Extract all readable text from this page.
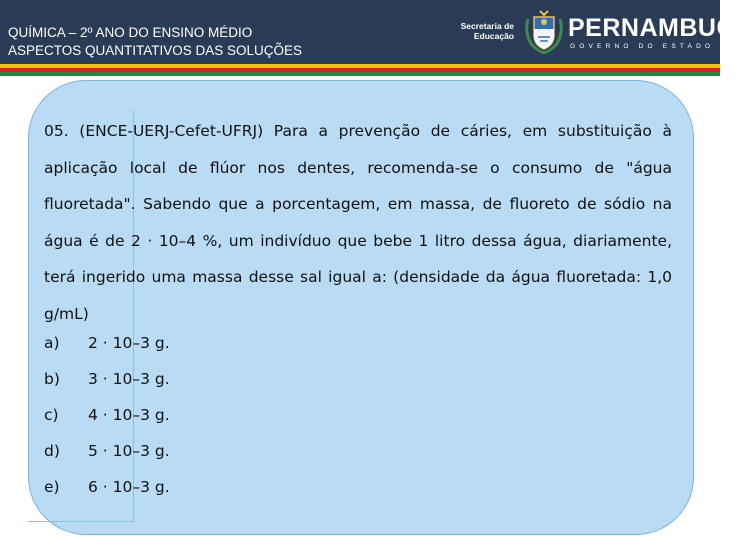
QUÍMICA – 2º ANO DO ENSINO MÉDIO
ASPECTOS QUANTITATIVOS DAS SOLUÇÕES
Secretaria de
Educação PERNAMBUCO
GOVERNO DO ESTADO
05. (ENCE-UERJ-Cefet-UFRJ) Para a prevenção de cáries, em substituição à aplicação local de flúor nos dentes, recomenda-se o consumo de "água fluoretada". Sabendo que a porcentagem, em massa, de fluoreto de sódio na água é de 2 · 10–4 %, um indivíduo que bebe 1 litro dessa água, diariamente, terá ingerido uma massa desse sal igual a: (densidade da água fluoretada: 1,0 g/mL)
a) 2 · 10–3 g.
b) 3 · 10–3 g.
c) 4 · 10–3 g.
d) 5 · 10–3 g.
e) 6 · 10–3 g.
